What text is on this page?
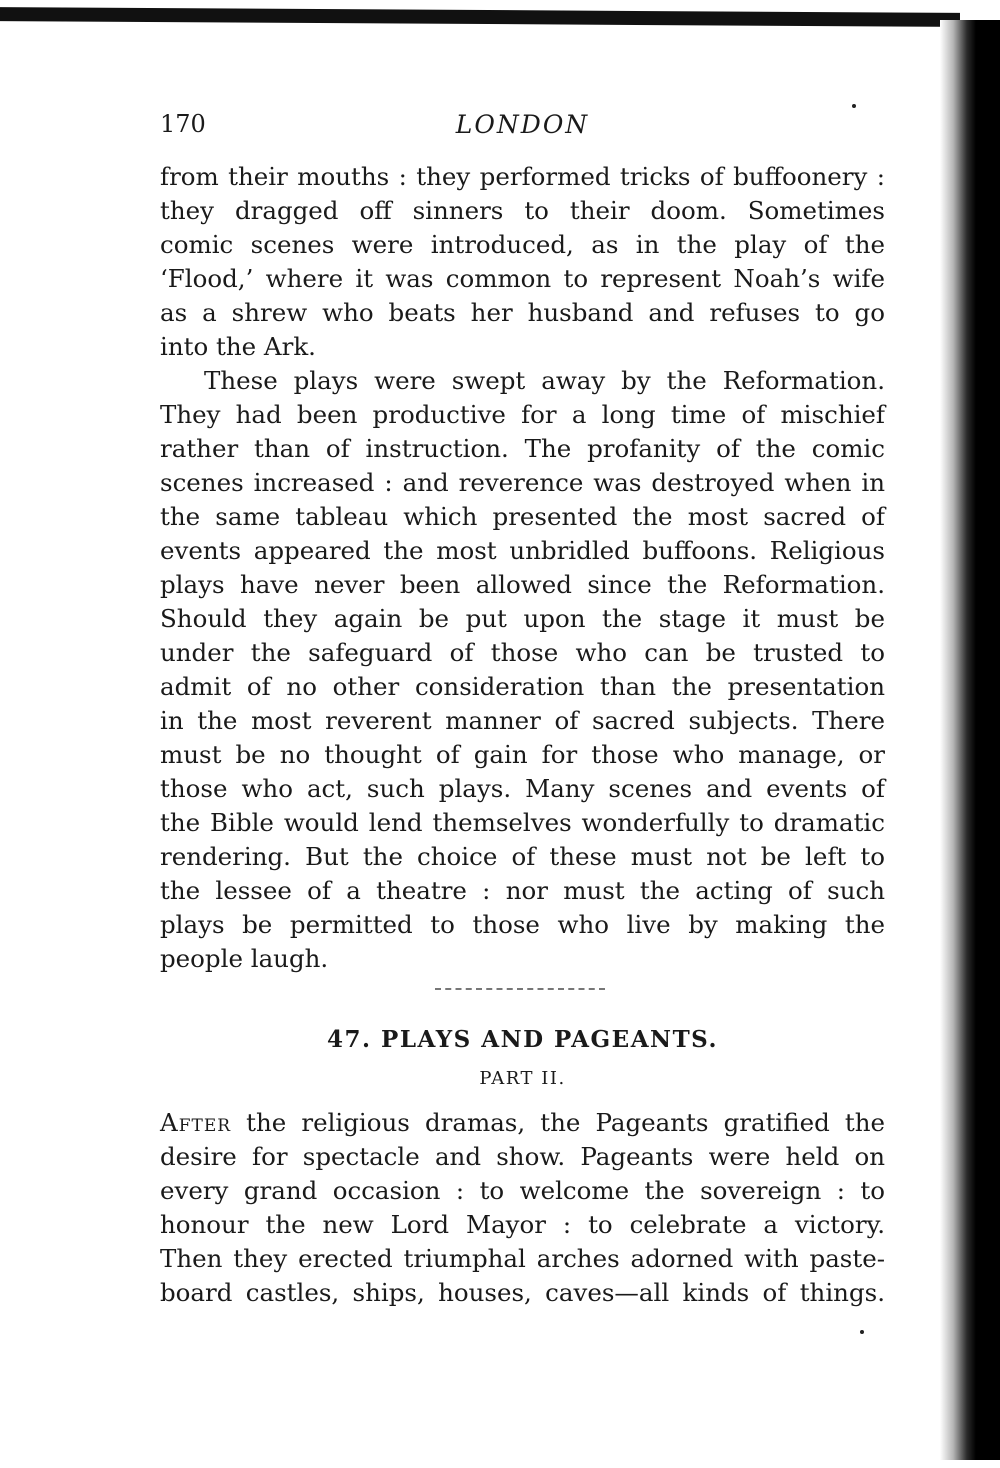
170	LONDON

from their mouths : they performed tricks of buffoonery :
they dragged off sinners to their doom. Sometimes
comic scenes were introduced, as in the play of the
‘Flood,’ where it was common to represent Noah’s wife
as a shrew who beats her husband and refuses to go
into the Ark.

These plays were swept away by the Reformation.
They had been productive for a long time of mischief
rather than of instruction. The profanity of the comic
scenes increased : and reverence was destroyed when in
the same tableau which presented the most sacred of
events appeared the most unbridled buffoons. Religious
plays have never been allowed since the Reformation.
Should they again be put upon the stage it must be
under the safeguard of those who can be trusted to
admit of no other consideration than the presentation
in the most reverent manner of sacred subjects. There
must be no thought of gain for those who manage, or
those who act, such plays. Many scenes and events of
the Bible would lend themselves wonderfully to dramatic
rendering. But the choice of these must not be left to
the lessee of a theatre : nor must the acting of such
plays be permitted to those who live by making the
people laugh.

47. PLAYS AND PAGEANTS.
PART II.
After the religious dramas, the Pageants gratified the
desire for spectacle and show. Pageants were held on
every grand occasion : to welcome the sovereign : to
honour the new Lord Mayor : to celebrate a victory.
Then they erected triumphal arches adorned with paste-
board castles, ships, houses, caves—all kinds of things.
